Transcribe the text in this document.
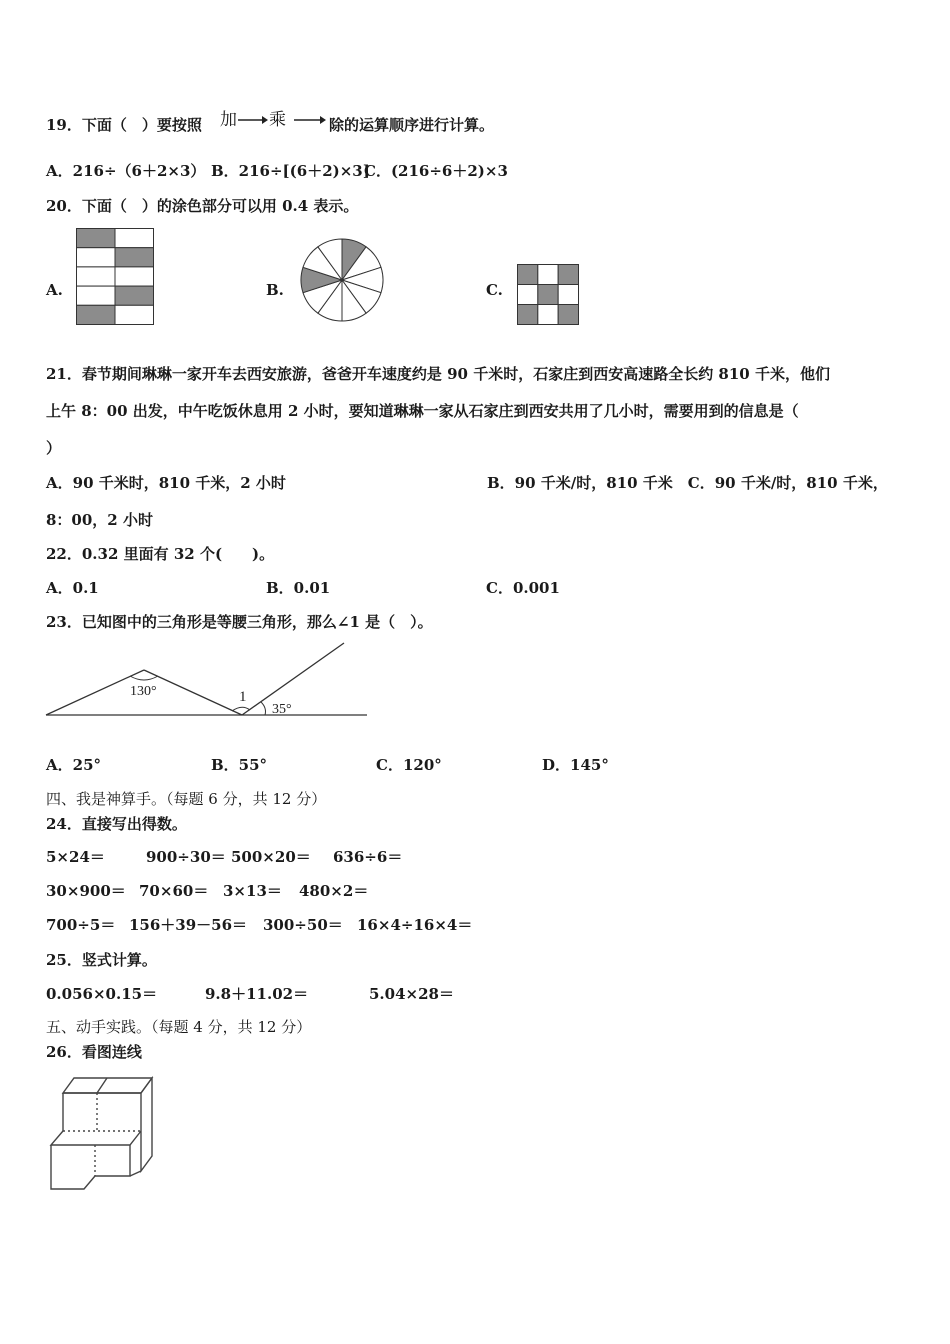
19．下面（　）要按照 加 乘	除的运算顺序进行计算。
A．216÷（6＋2×3） B．216÷[(6＋2)×3]
C．(216÷6＋2)×3
20．下面（　）的涂色部分可以用 0.4 表示。
A.	B.	C.
21．春节期间琳琳一家开车去西安旅游，爸爸开车速度约是 90 千米时，石家庄到西安高速路全长约 810 千米，他们
上午 8：00 出发，中午吃饭休息用 2 小时，要知道琳琳一家从石家庄到西安共用了几小时，需要用到的信息是（
）
A．90 千米时，810 千米，2 小时	B．90 千米/时，810 千米　C．90 千米/时，810 千米，
8：00，2 小时
22．0.32 里面有 32 个(　　)。
A．0.1	B．0.01	C．0.001
23．已知图中的三角形是等腰三角形，那么∠1 是（　）。
130°	1
35°
A．25°	B．55°	C．120°	D．145°
四、我是神算手。（每题 6 分，共 12 分）
24．直接写出得数。
5×24＝	900÷30＝ 500×20＝ 636÷6＝
30×900＝ 70×60＝ 3×13＝ 480×2＝
700÷5＝ 156＋39－56＝ 300÷50＝ 16×4÷16×4＝
25．竖式计算。
0.056×0.15＝	9.8＋11.02＝	5.04×28＝
五、动手实践。（每题 4 分，共 12 分）
26．看图连线
